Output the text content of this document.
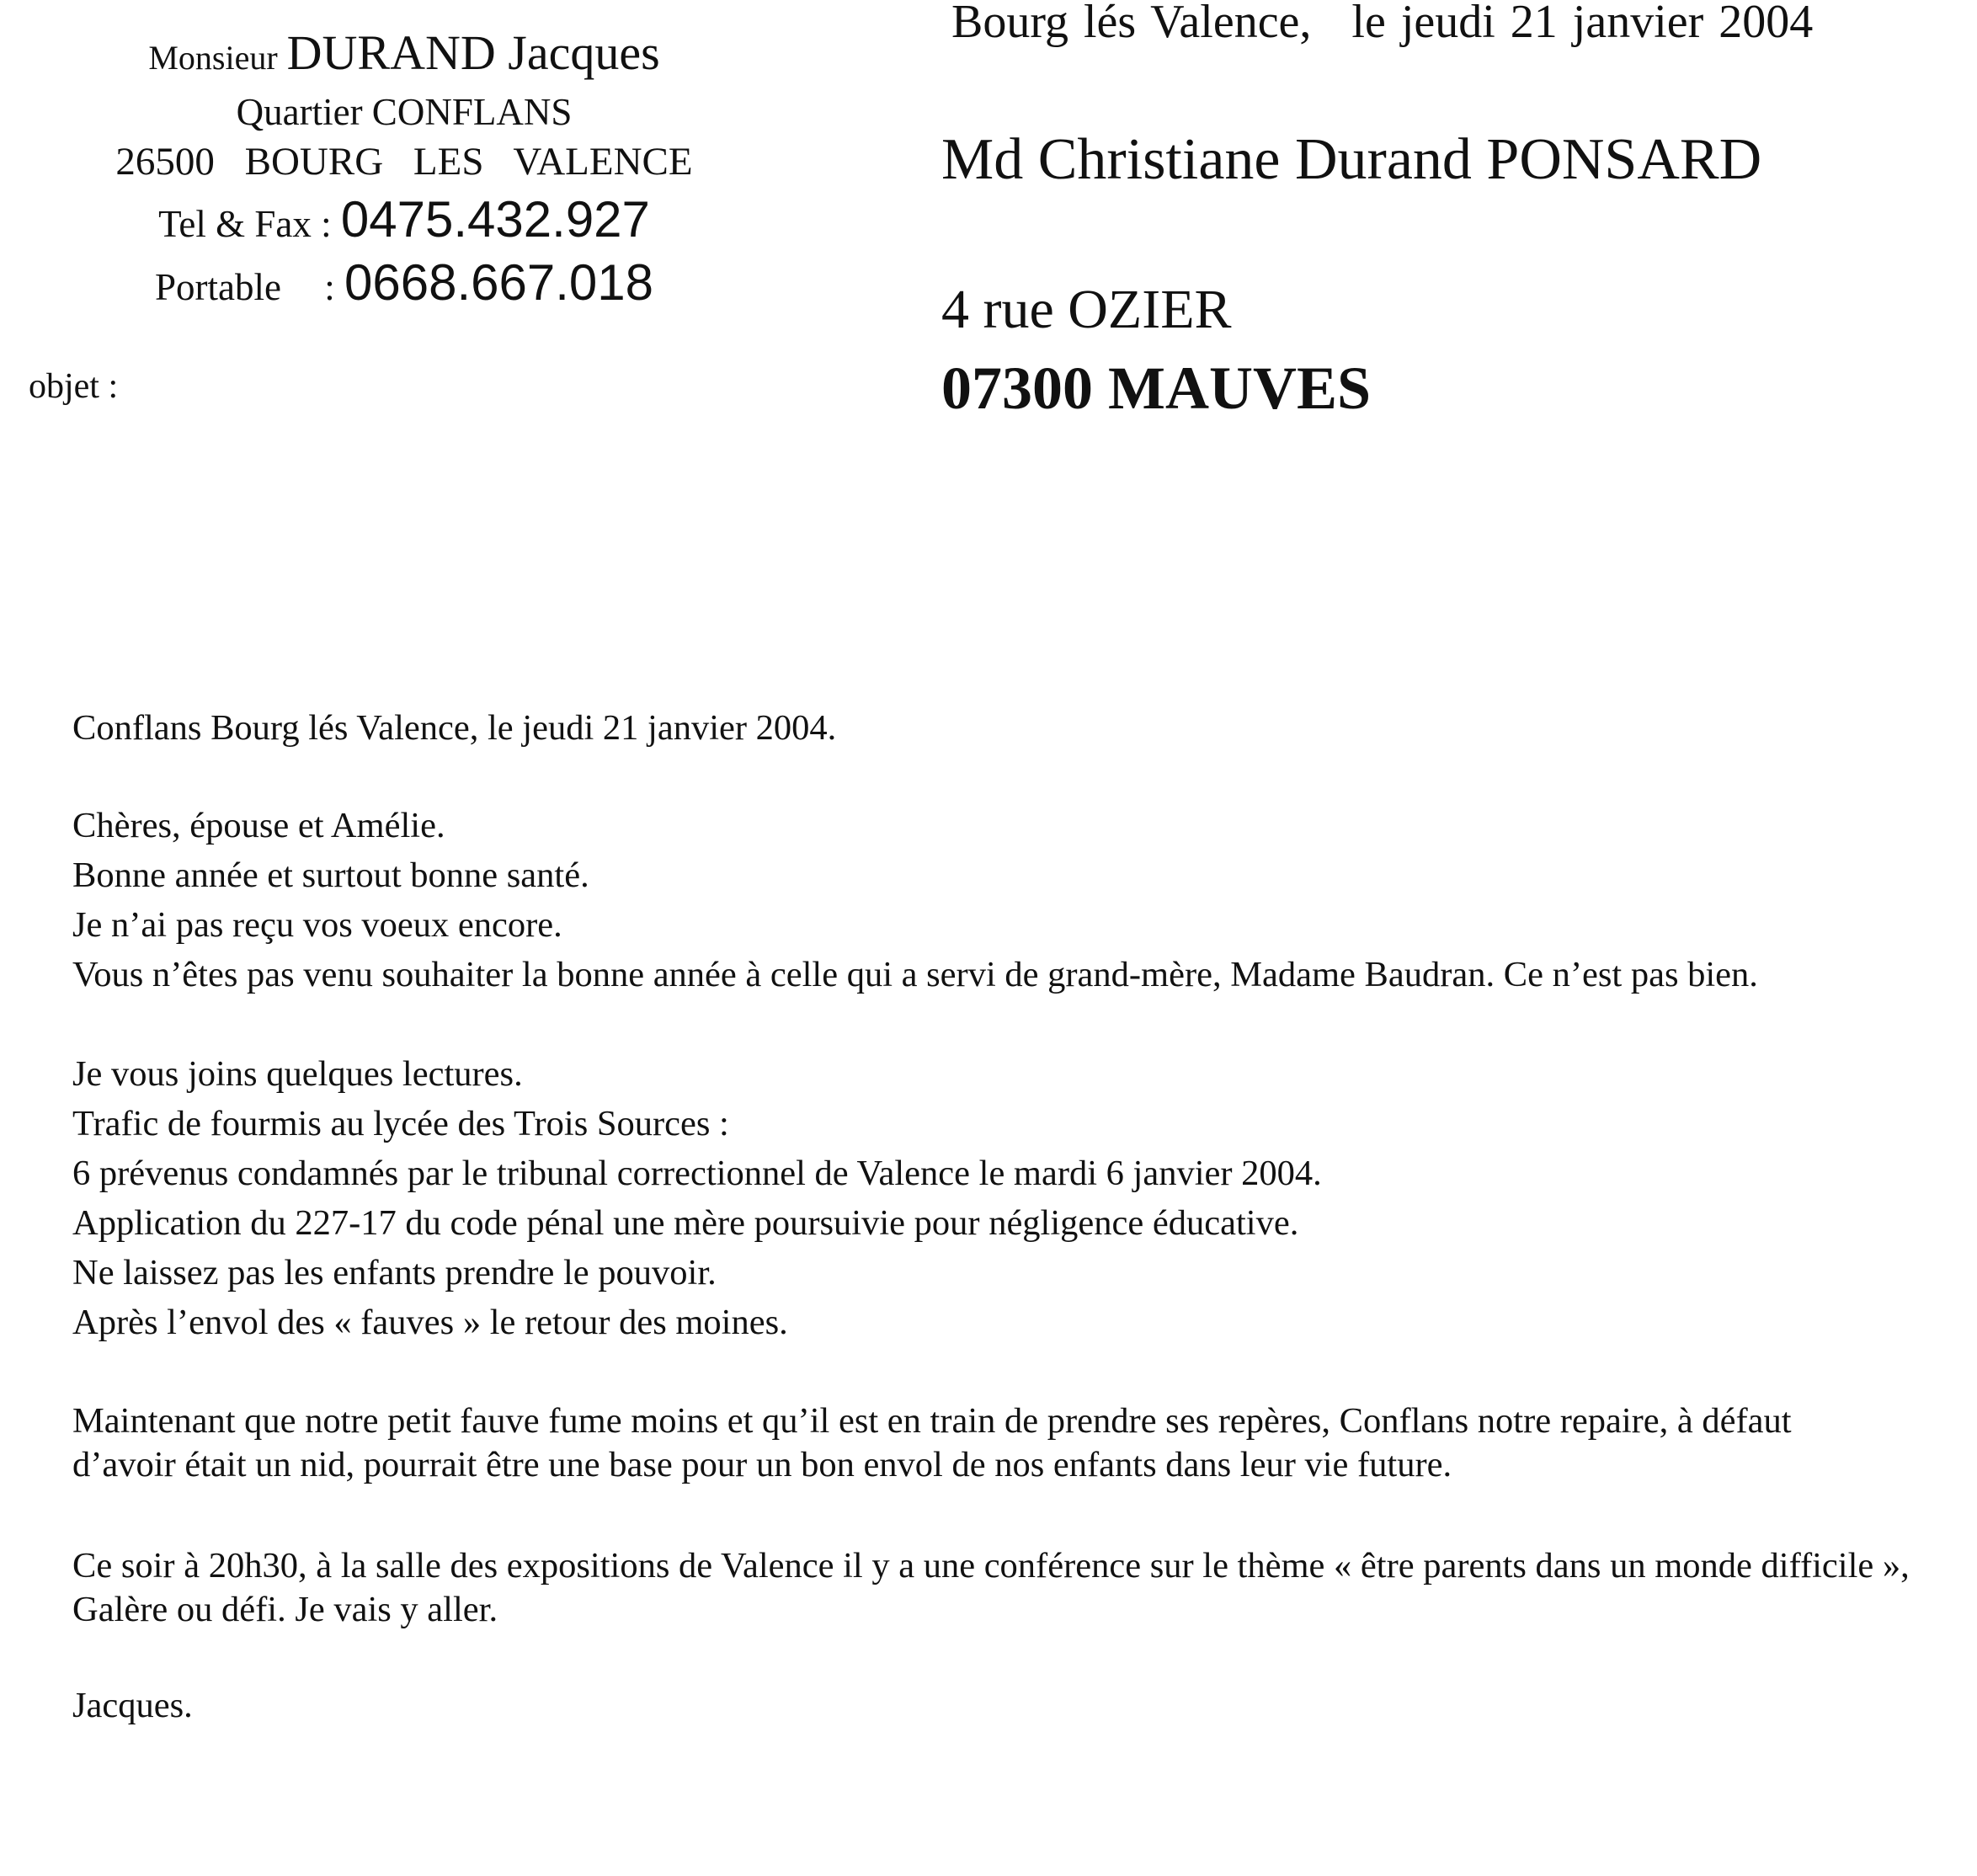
Monsieur DURAND Jacques
Quartier CONFLANS
26500 BOURG LES VALENCE
Tel & Fax : 0475.432.927
Portable : 0668.667.018
objet :
Bourg lés Valence, le jeudi 21 janvier 2004
Md Christiane Durand PONSARD
4 rue OZIER
07300 MAUVES
Conflans Bourg lés Valence, le jeudi 21 janvier 2004.
Chères, épouse et Amélie.
Bonne année et surtout bonne santé.
Je n’ai pas reçu vos voeux encore.
Vous n’êtes pas venu souhaiter la bonne année à celle qui a servi de grand-mère, Madame Baudran. Ce n’est pas bien.
Je vous joins quelques lectures.
Trafic de fourmis au lycée des Trois Sources :
6 prévenus condamnés par le tribunal correctionnel de Valence le mardi 6 janvier 2004.
Application du 227-17 du code pénal une mère poursuivie pour négligence éducative.
Ne laissez pas les enfants prendre le pouvoir.
Après l’envol des « fauves » le retour des moines.
Maintenant que notre petit fauve fume moins et qu’il est en train de prendre ses repères, Conflans notre repaire, à défaut d’avoir était un nid, pourrait être une base pour un bon envol de nos enfants dans leur vie future.
Ce soir à 20h30, à la salle des expositions de Valence il y a une conférence sur le thème « être parents dans un monde difficile », Galère ou défi. Je vais y aller.
Jacques.
